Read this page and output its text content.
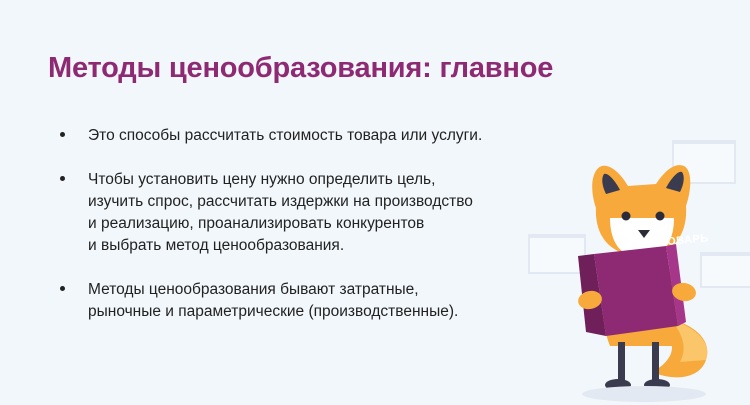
Методы ценообразования: главное
Это способы рассчитать стоимость товара или услуги.
Чтобы установить цену нужно определить цель,
изучить спрос, рассчитать издержки на производство
и реализацию, проанализировать конкурентов
и выбрать метод ценообразования.
Методы ценообразования бывают затратные,
рыночные и параметрические (производственные).
UNI-
СЛОВАРЬ
